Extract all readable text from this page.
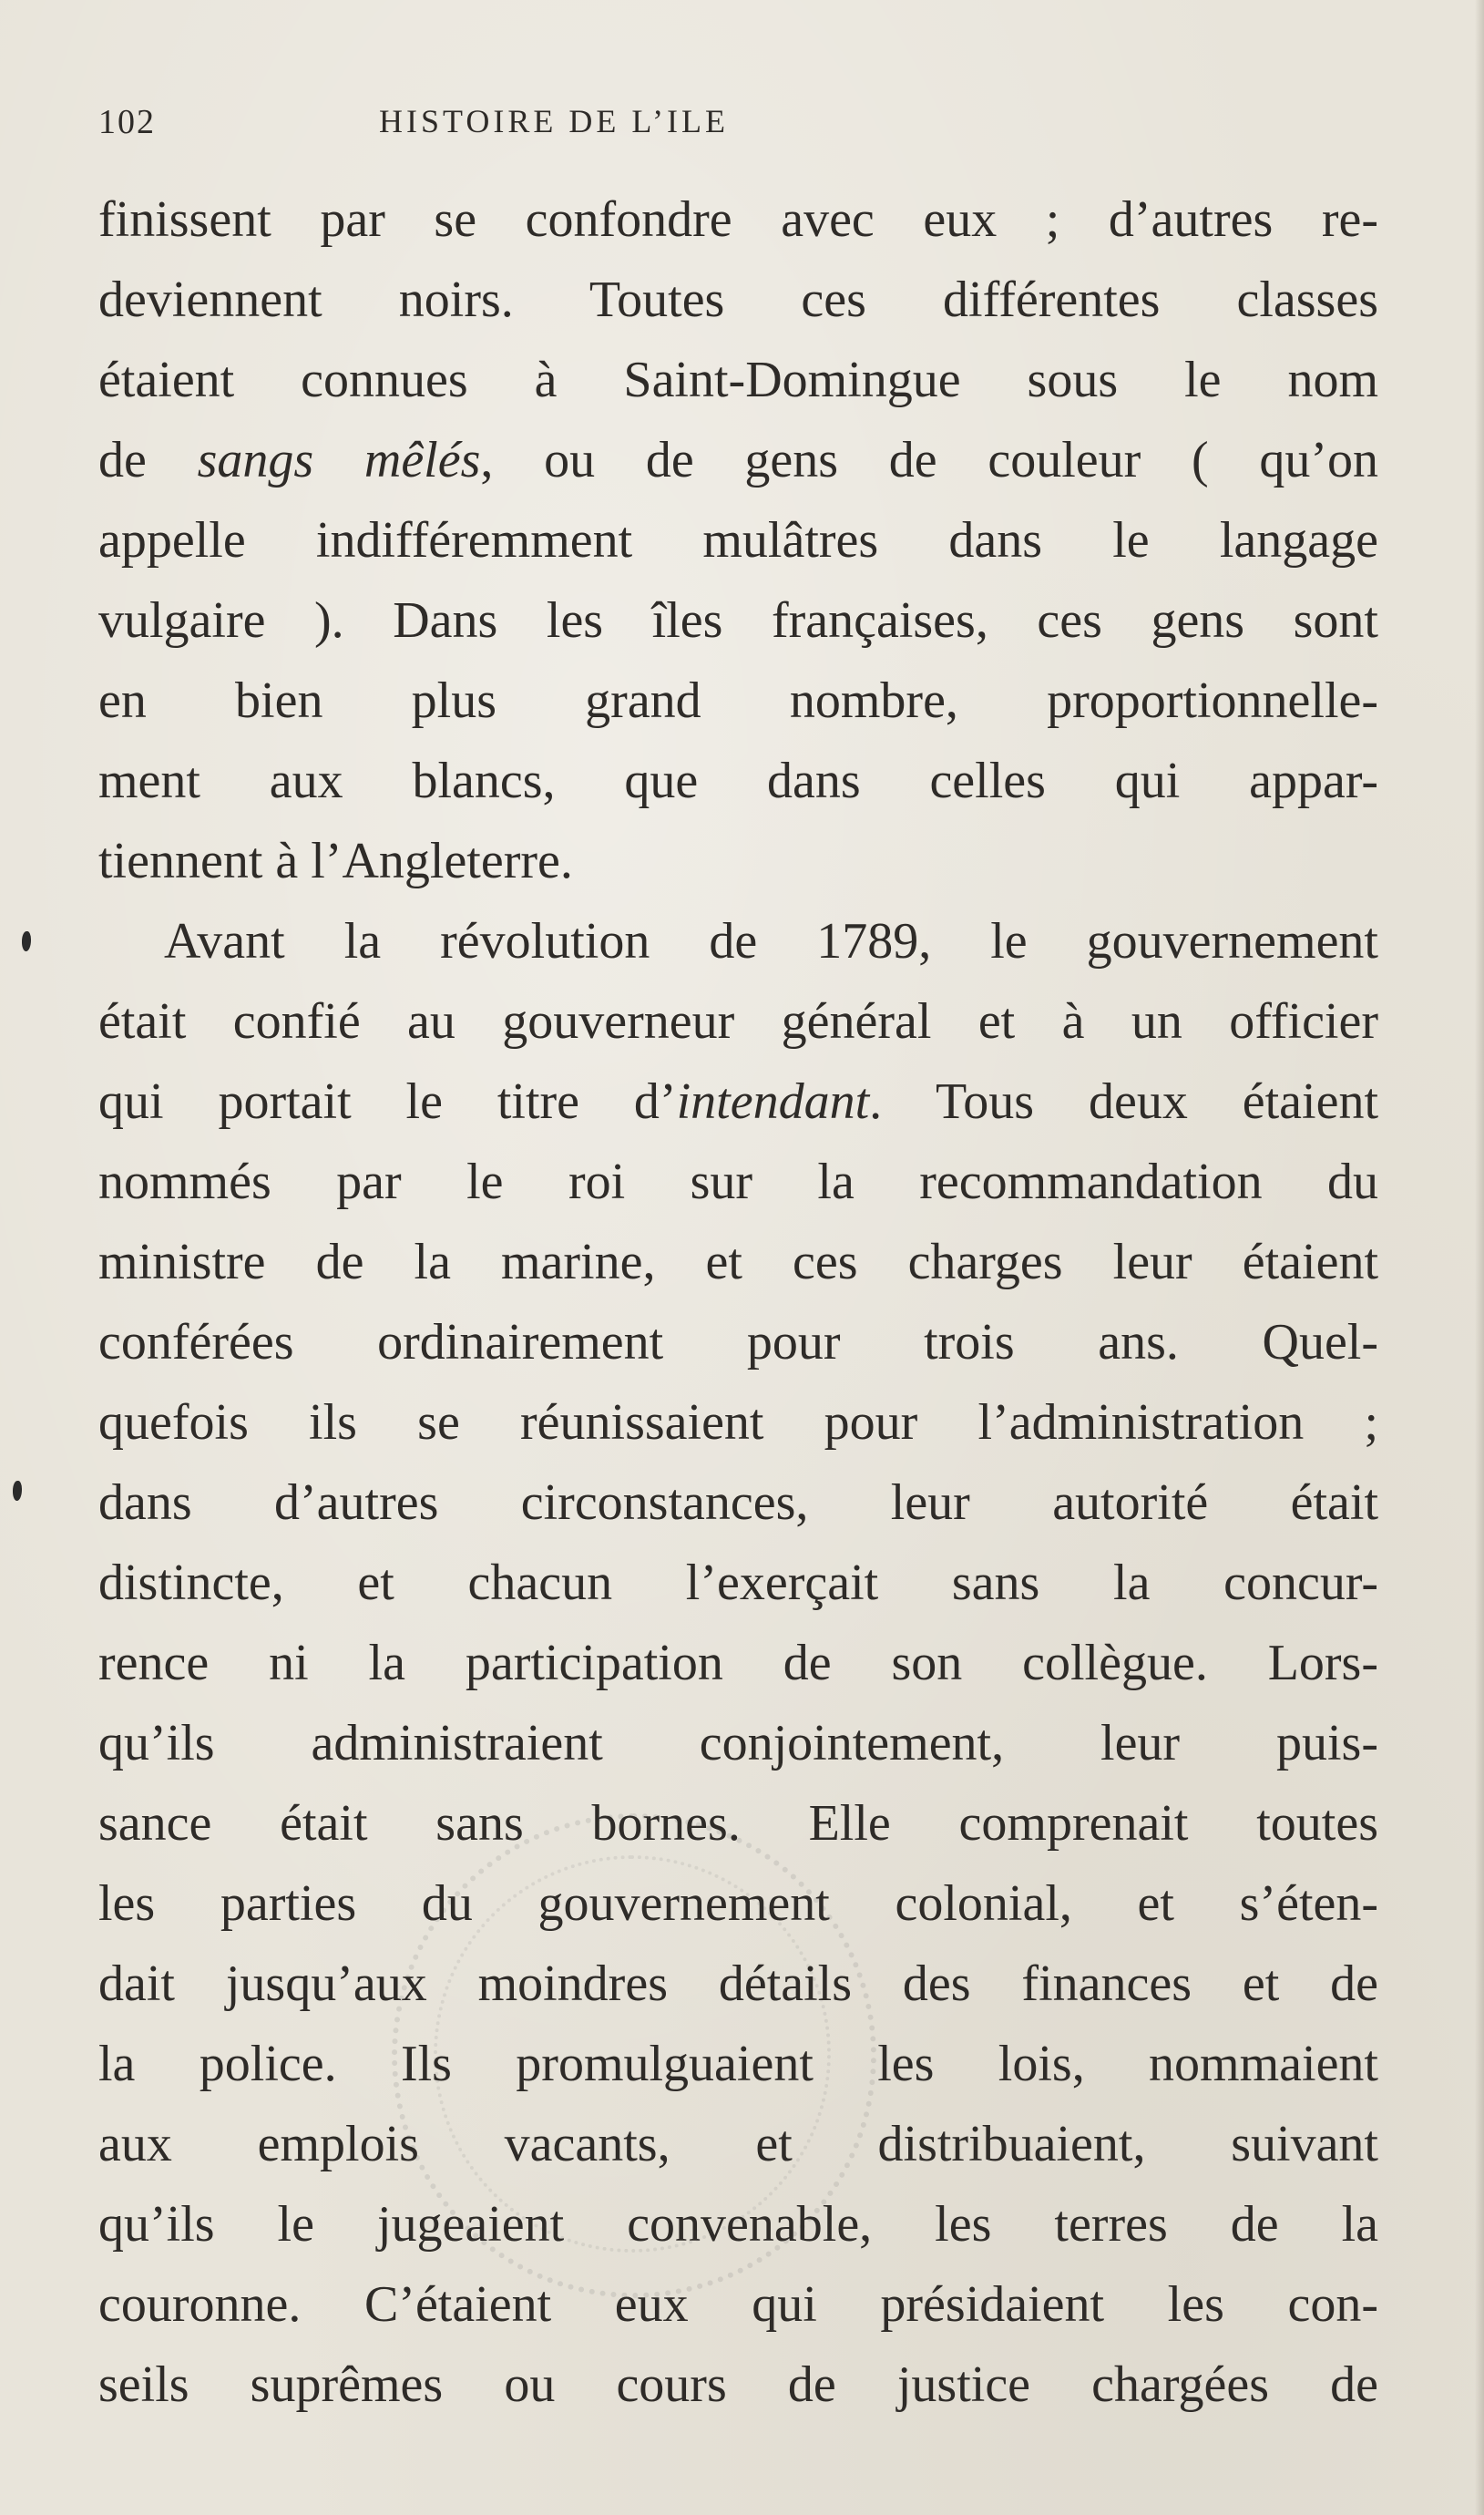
102	HISTOIRE DE L’ILE
finissent par se confondre avec eux ; d’autres re-
deviennent noirs. Toutes ces différentes classes
étaient connues à Saint-Domingue sous le nom
de sangs mêlés, ou de gens de couleur ( qu’on
appelle indifféremment mulâtres dans le langage
vulgaire ). Dans les îles françaises, ces gens sont
en bien plus grand nombre, proportionnelle-
ment aux blancs, que dans celles qui appar-
tiennent à l’Angleterre.
Avant la révolution de 1789, le gouvernement
était confié au gouverneur général et à un officier
qui portait le titre d’intendant. Tous deux étaient
nommés par le roi sur la recommandation du
ministre de la marine, et ces charges leur étaient
conférées ordinairement pour trois ans. Quel-
quefois ils se réunissaient pour l’administration ;
dans d’autres circonstances, leur autorité était
distincte, et chacun l’exerçait sans la concur-
rence ni la participation de son collègue. Lors-
qu’ils administraient conjointement, leur puis-
sance était sans bornes. Elle comprenait toutes
les parties du gouvernement colonial, et s’éten-
dait jusqu’aux moindres détails des finances et de
la police. Ils promulguaient les lois, nommaient
aux emplois vacants, et distribuaient, suivant
qu’ils le jugeaient convenable, les terres de la
couronne. C’étaient eux qui présidaient les con-
seils suprêmes ou cours de justice chargées de
